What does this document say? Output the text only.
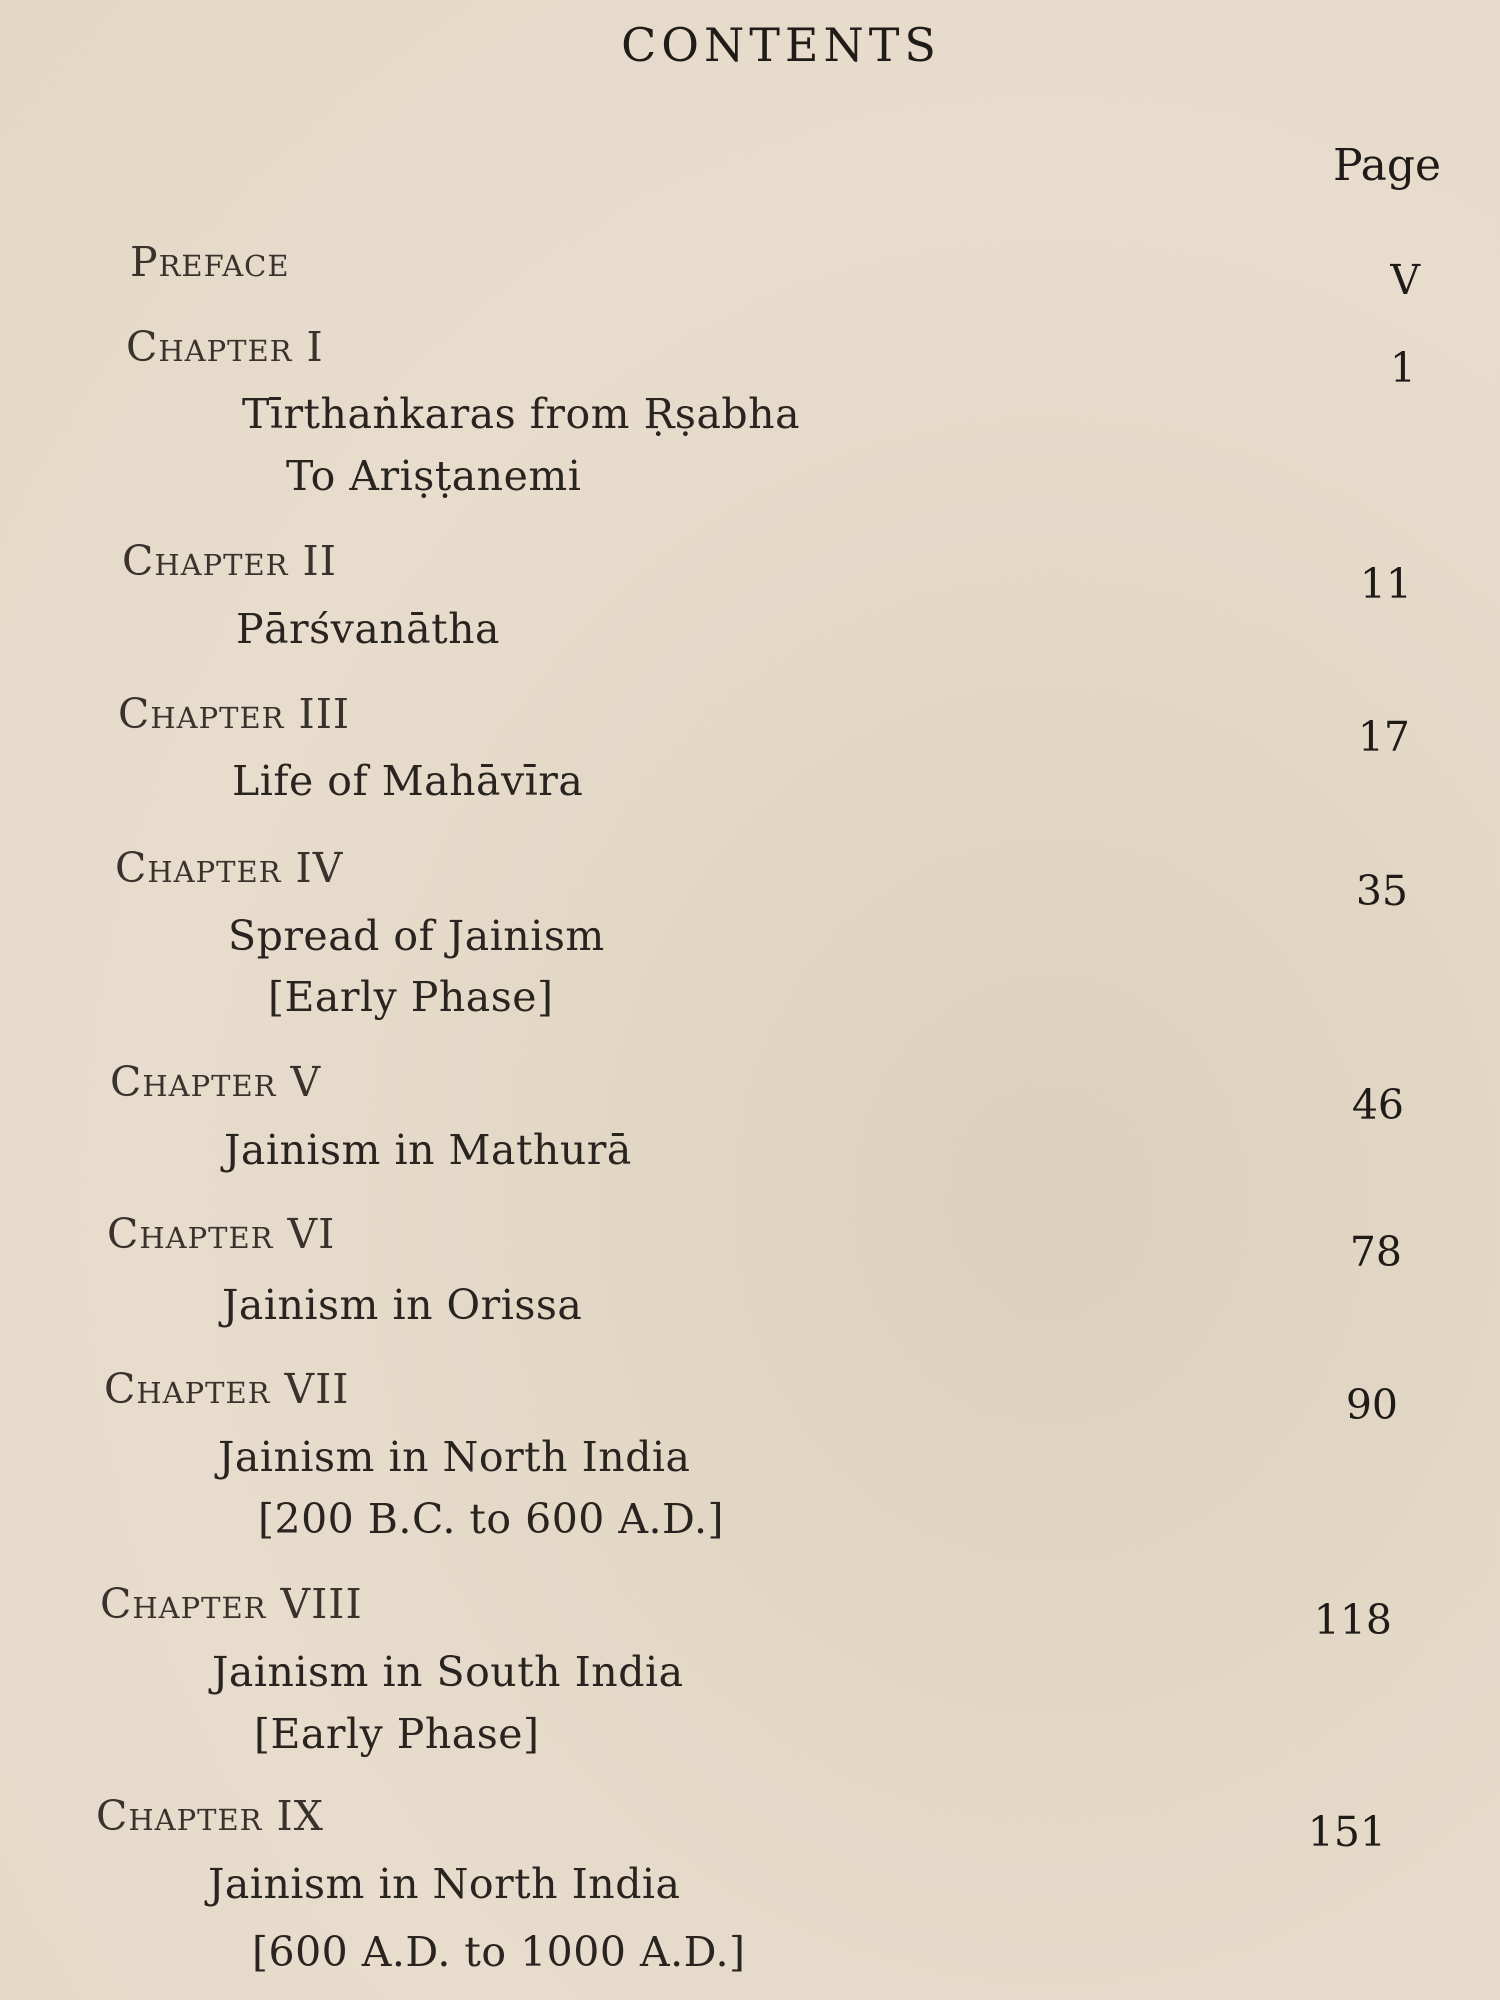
CONTENTS
Page
Preface	V
Chapter I
Tīrthaṅkaras from Ṛṣabha
To Ariṣṭanemi
1
Chapter II
Pārśvanātha
11
Chapter III
Life of Mahāvīra
17
Chapter IV
Spread of Jainism
[Early Phase]
35
Chapter V
Jainism in Mathurā
46
Chapter VI
Jainism in Orissa
78
Chapter VII
Jainism in North India
[200 B.C. to 600 A.D.]
90
Chapter VIII
Jainism in South India
[Early Phase]
118
Chapter IX
Jainism in North India
[600 A.D. to 1000 A.D.]
151
